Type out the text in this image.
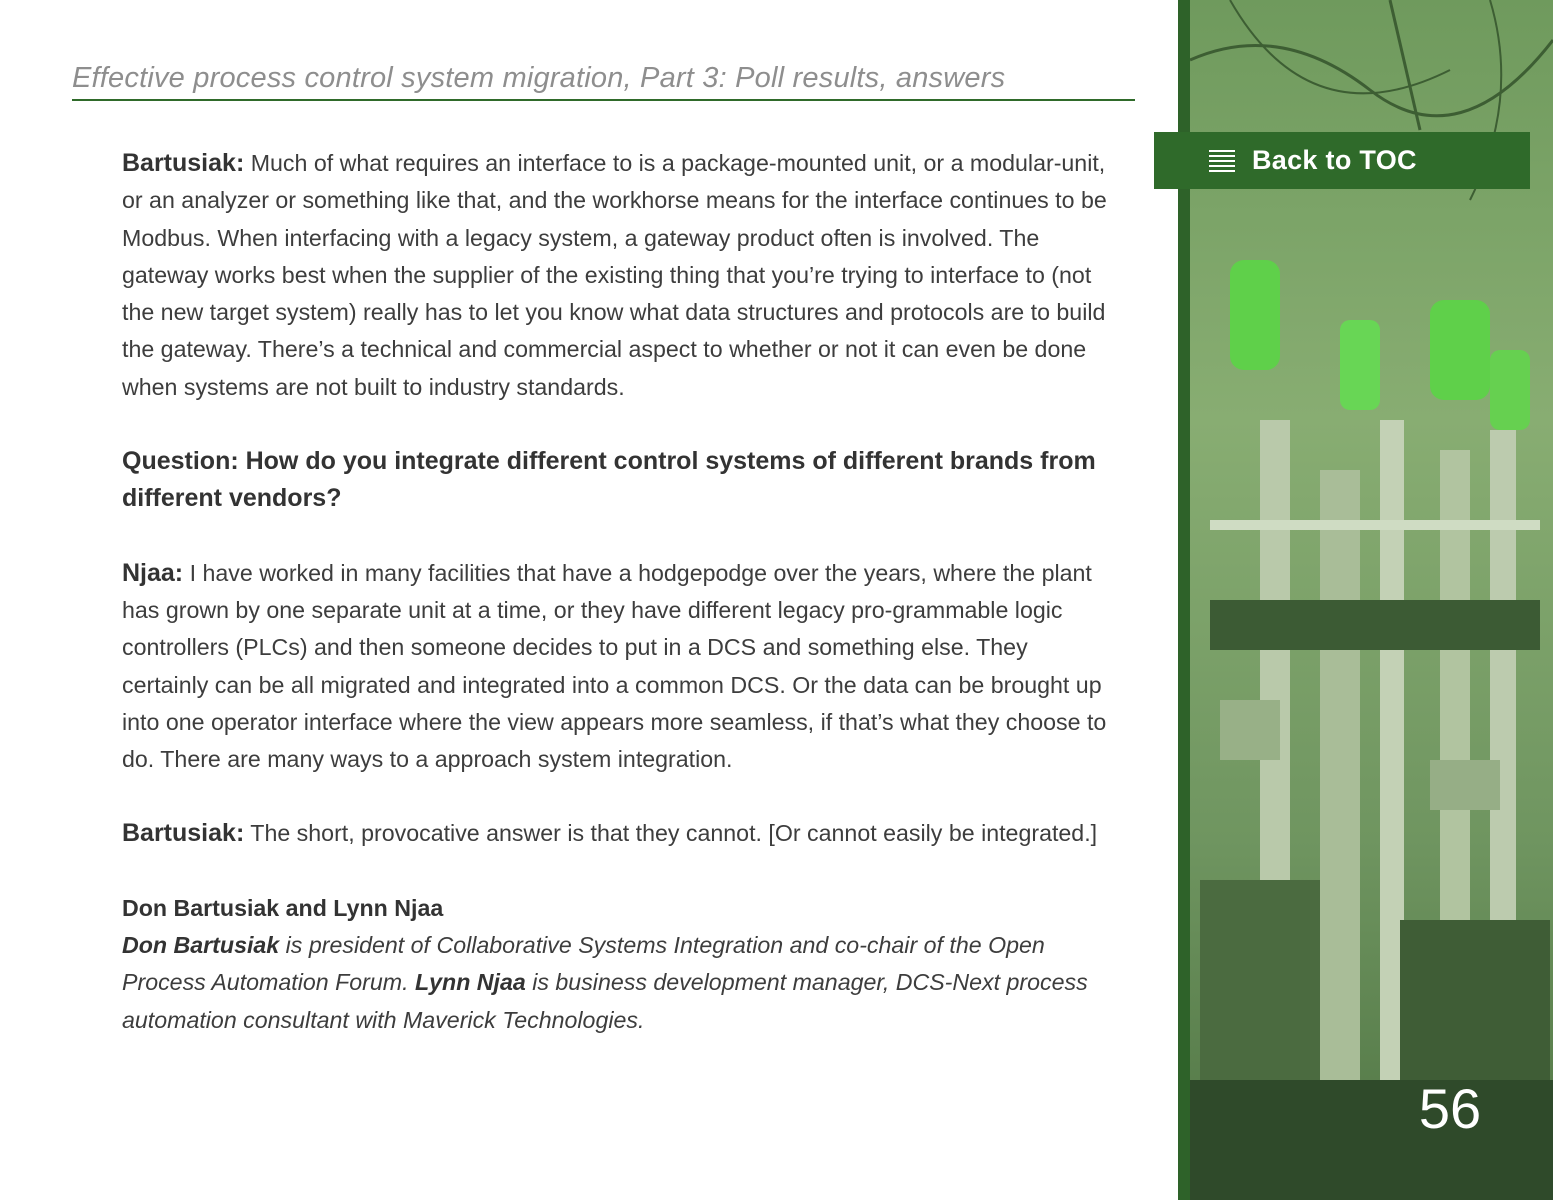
Effective process control system migration, Part 3: Poll results, answers

Bartusiak: Much of what requires an interface to is a package-mounted unit, or a modular-unit, or an analyzer or something like that, and the workhorse means for the interface continues to be Modbus. When interfacing with a legacy system, a gateway product often is involved. The gateway works best when the supplier of the existing thing that you’re trying to interface to (not the new target system) really has to let you know what data structures and protocols are to build the gateway. There’s a technical and commercial aspect to whether or not it can even be done when systems are not built to industry standards.

Question: How do you integrate different control systems of different brands from different vendors?

Njaa: I have worked in many facilities that have a hodgepodge over the years, where the plant has grown by one separate unit at a time, or they have different legacy pro-grammable logic controllers (PLCs) and then someone decides to put in a DCS and something else. They certainly can be all migrated and integrated into a common DCS. Or the data can be brought up into one operator interface where the view appears more seamless, if that’s what they choose to do. There are many ways to a approach system integration.

Bartusiak: The short, provocative answer is that they cannot. [Or cannot easily be integrated.]

Don Bartusiak and Lynn Njaa

Don Bartusiak is president of Collaborative Systems Integration and co-chair of the Open Process Automation Forum. Lynn Njaa is business development manager, DCS-Next process automation consultant with Maverick Technologies.

Back to TOC
56
